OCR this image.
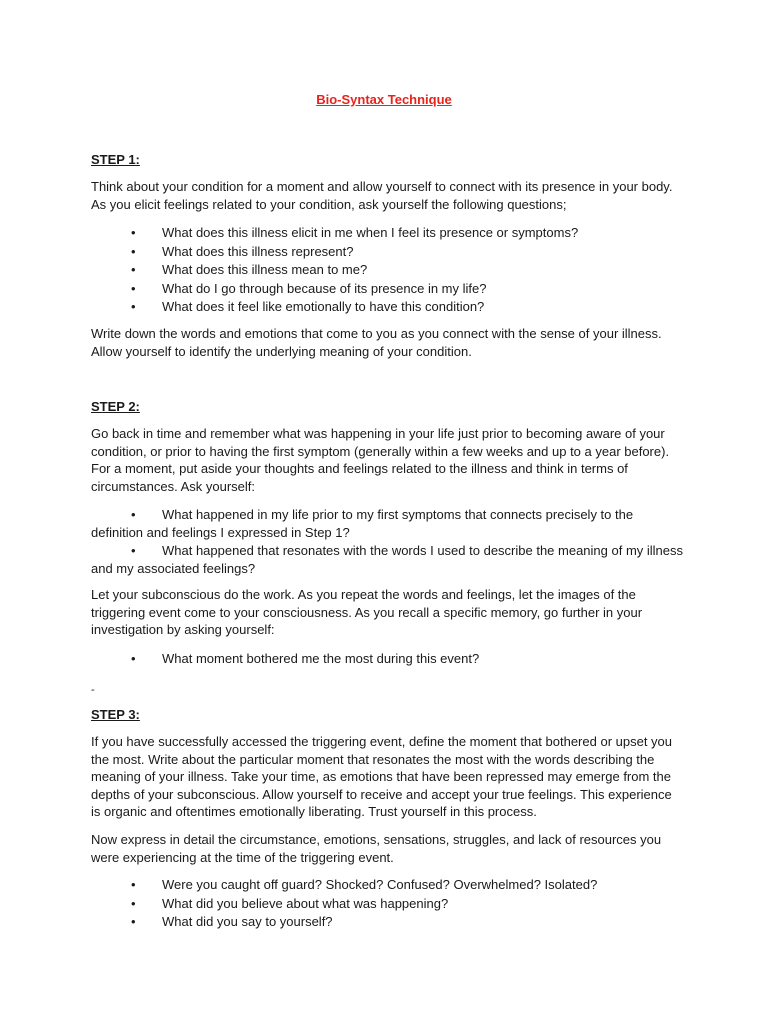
Bio-Syntax Technique
STEP 1:
Think about your condition for a moment and allow yourself to connect with its presence in your body. As you elicit feelings related to your condition, ask yourself the following questions;
• What does this illness elicit in me when I feel its presence or symptoms?
• What does this illness represent?
• What does this illness mean to me?
• What do I go through because of its presence in my life?
• What does it feel like emotionally to have this condition?
Write down the words and emotions that come to you as you connect with the sense of your illness. Allow yourself to identify the underlying meaning of your condition.
STEP 2:
Go back in time and remember what was happening in your life just prior to becoming aware of your condition, or prior to having the first symptom (generally within a few weeks and up to a year before). For a moment, put aside your thoughts and feelings related to the illness and think in terms of circumstances. Ask yourself:
• What happened in my life prior to my first symptoms that connects precisely to the
definition and feelings I expressed in Step 1?
• What happened that resonates with the words I used to describe the meaning of my illness
and my associated feelings?
Let your subconscious do the work. As you repeat the words and feelings, let the images of the triggering event come to your consciousness. As you recall a specific memory, go further in your investigation by asking yourself:
• What moment bothered me the most during this event?
-
STEP 3:
If you have successfully accessed the triggering event, define the moment that bothered or upset you the most. Write about the particular moment that resonates the most with the words describing the meaning of your illness. Take your time, as emotions that have been repressed may emerge from the depths of your subconscious. Allow yourself to receive and accept your true feelings. This experience is organic and oftentimes emotionally liberating. Trust yourself in this process.
Now express in detail the circumstance, emotions, sensations, struggles, and lack of resources you were experiencing at the time of the triggering event.
• Were you caught off guard? Shocked? Confused? Overwhelmed? Isolated?
• What did you believe about what was happening?
• What did you say to yourself?
